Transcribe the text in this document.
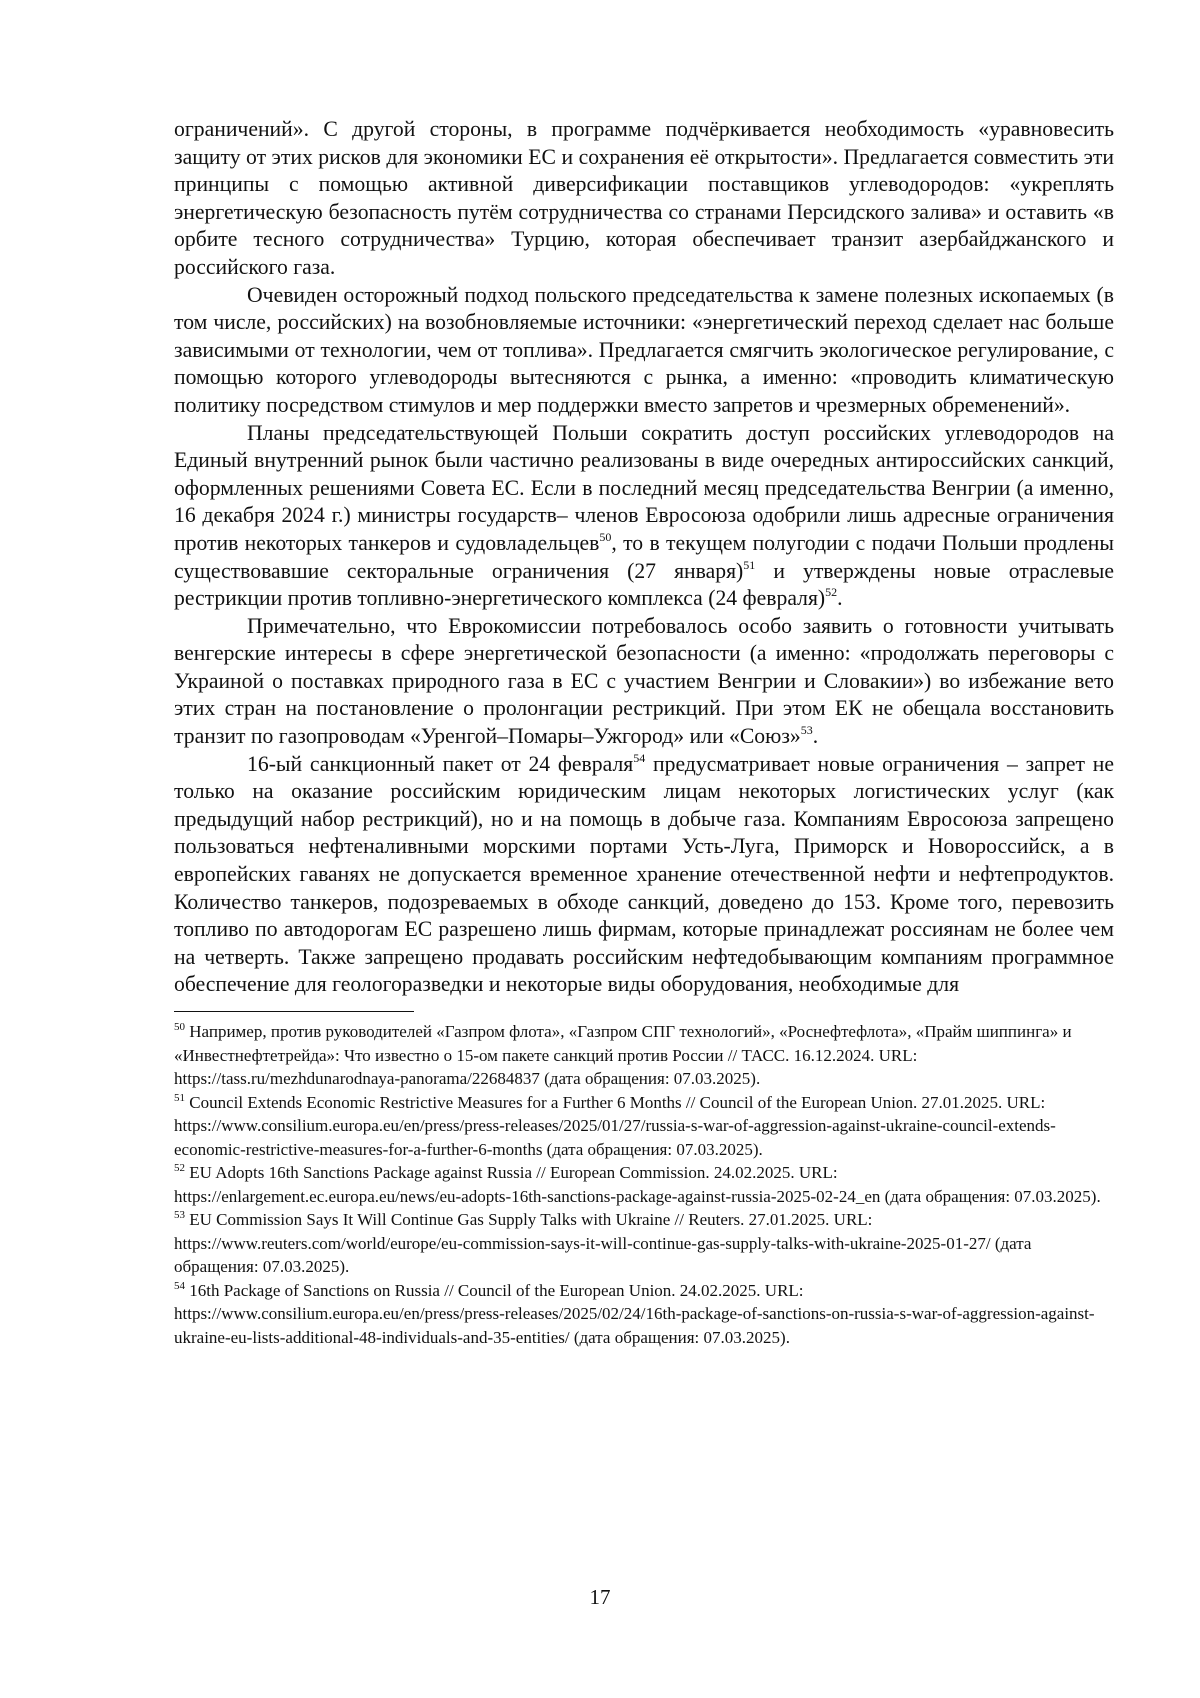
ограничений». С другой стороны, в программе подчёркивается необходимость «уравновесить защиту от этих рисков для экономики ЕС и сохранения её открытости». Предлагается совместить эти принципы с помощью активной диверсификации поставщиков углеводородов: «укреплять энергетическую безопасность путём сотрудничества со странами Персидского залива» и оставить «в орбите тесного сотрудничества» Турцию, которая обеспечивает транзит азербайджанского и российского газа.

Очевиден осторожный подход польского председательства к замене полезных ископаемых (в том числе, российских) на возобновляемые источники: «энергетический переход сделает нас больше зависимыми от технологии, чем от топлива». Предлагается смягчить экологическое регулирование, с помощью которого углеводороды вытесняются с рынка, а именно: «проводить климатическую политику посредством стимулов и мер поддержки вместо запретов и чрезмерных обременений».

Планы председательствующей Польши сократить доступ российских углеводородов на Единый внутренний рынок были частично реализованы в виде очередных антироссийских санкций, оформленных решениями Совета ЕС. Если в последний месяц председательства Венгрии (а именно, 16 декабря 2024 г.) министры государств– членов Евросоюза одобрили лишь адресные ограничения против некоторых танкеров и судовладельцев$^{50}$, то в текущем полугодии с подачи Польши продлены существовавшие секторальные ограничения (27 января)$^{51}$ и утверждены новые отраслевые рестрикции против топливно-энергетического комплекса (24 февраля)$^{52}$.

Примечательно, что Еврокомиссии потребовалось особо заявить о готовности учитывать венгерские интересы в сфере энергетической безопасности (а именно: «продолжать переговоры с Украиной о поставках природного газа в ЕС с участием Венгрии и Словакии») во избежание вето этих стран на постановление о пролонгации рестрикций. При этом ЕК не обещала восстановить транзит по газопроводам «Уренгой–Помары–Ужгород» или «Союз»$^{53}$.

16-ый санкционный пакет от 24 февраля$^{54}$ предусматривает новые ограничения – запрет не только на оказание российским юридическим лицам некоторых логистических услуг (как предыдущий набор рестрикций), но и на помощь в добыче газа. Компаниям Евросоюза запрещено пользоваться нефтеналивными морскими портами Усть-Луга, Приморск и Новороссийск, а в европейских гаванях не допускается временное хранение отечественной нефти и нефтепродуктов. Количество танкеров, подозреваемых в обходе санкций, доведено до 153. Кроме того, перевозить топливо по автодорогам ЕС разрешено лишь фирмам, которые принадлежат россиянам не более чем на четверть. Также запрещено продавать российским нефтедобывающим компаниям программное обеспечение для геологоразведки и некоторые виды оборудования, необходимые для

$^{50}$ Например, против руководителей «Газпром флота», «Газпром СПГ технологий», «Роснефтефлота», «Прайм шиппинга» и «Инвестнефтетрейда»: Что известно о 15-ом пакете санкций против России // ТАСС. 16.12.2024. URL: https://tass.ru/mezhdunarodnaya-panorama/22684837 (дата обращения: 07.03.2025).

$^{51}$ Council Extends Economic Restrictive Measures for a Further 6 Months // Council of the European Union. 27.01.2025. URL: https://www.consilium.europa.eu/en/press/press-releases/2025/01/27/russia-s-war-of-aggression-against-ukraine-council-extends-economic-restrictive-measures-for-a-further-6-months (дата обращения: 07.03.2025).

$^{52}$ EU Adopts 16th Sanctions Package against Russia // European Commission. 24.02.2025. URL: https://enlargement.ec.europa.eu/news/eu-adopts-16th-sanctions-package-against-russia-2025-02-24_en (дата обращения: 07.03.2025).

$^{53}$ EU Commission Says It Will Continue Gas Supply Talks with Ukraine // Reuters. 27.01.2025. URL: https://www.reuters.com/world/europe/eu-commission-says-it-will-continue-gas-supply-talks-with-ukraine-2025-01-27/ (дата обращения: 07.03.2025).

$^{54}$ 16th Package of Sanctions on Russia // Council of the European Union. 24.02.2025. URL: https://www.consilium.europa.eu/en/press/press-releases/2025/02/24/16th-package-of-sanctions-on-russia-s-war-of-aggression-against-ukraine-eu-lists-additional-48-individuals-and-35-entities/ (дата обращения: 07.03.2025).

17
